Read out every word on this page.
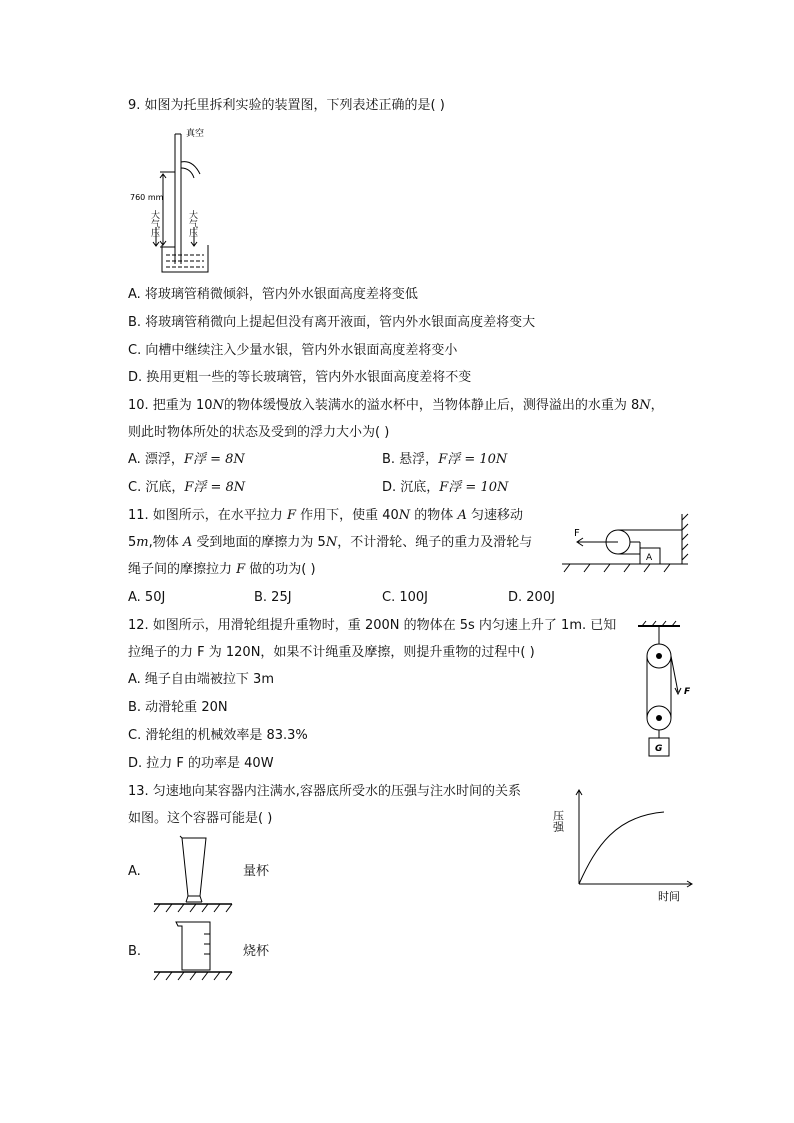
9. 如图为托里拆利实验的装置图，下列表述正确的是( )
真空
760 mm
大气压	大气压
A. 将玻璃管稍微倾斜，管内外水银面高度差将变低
B. 将玻璃管稍微向上提起但没有离开液面，管内外水银面高度差将变大
C. 向槽中继续注入少量水银，管内外水银面高度差将变小
D. 换用更粗一些的等长玻璃管，管内外水银面高度差将不变
10. 把重为 10N的物体缓慢放入装满水的溢水杯中，当物体静止后，测得溢出的水重为 8N，
则此时物体所处的状态及受到的浮力大小为( )
A. 漂浮，F浮 = 8N	B. 悬浮，F浮 = 10N
C. 沉底，F浮 = 8N	D. 沉底，F浮 = 10N
11. 如图所示，在水平拉力 F 作用下，使重 40N 的物体 A 匀速移动
5m,物体 A 受到地面的摩擦力为 5N，不计滑轮、绳子的重力及滑轮与
绳子间的摩擦拉力 F 做的功为( )
F
A
A. 50J	B. 25J	C. 100J	D. 200J
12. 如图所示，用滑轮组提升重物时，重 200N 的物体在 5s 内匀速上升了 1m. 已知
拉绳子的力 F 为 120N，如果不计绳重及摩擦，则提升重物的过程中( )
F
G
A. 绳子自由端被拉下 3m
B. 动滑轮重 20N
C. 滑轮组的机械效率是 83.3%
D. 拉力 F 的功率是 40W
13. 匀速地向某容器内注满水,容器底所受水的压强与注水时间的关系
如图。这个容器可能是( )	压强
时间
A.	量杯
B.	烧杯
